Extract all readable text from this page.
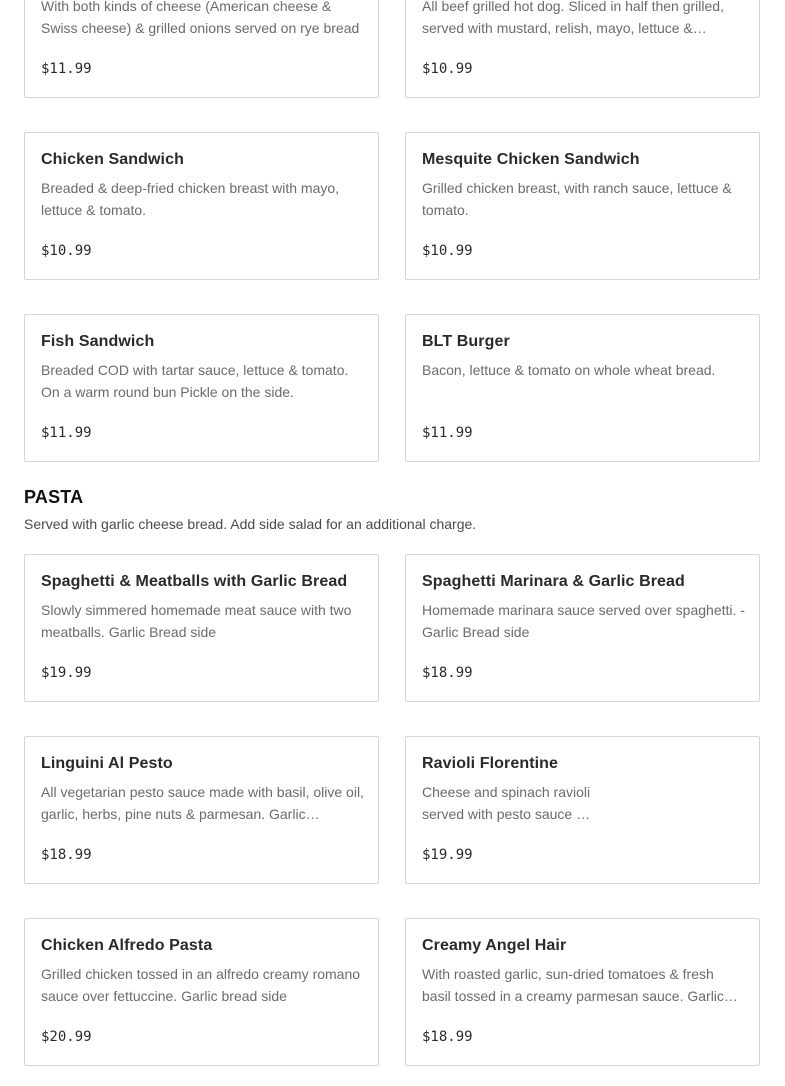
With both kinds of cheese (American cheese & Swiss cheese) & grilled onions served on rye bread
$11.99
All beef grilled hot dog. Sliced in half then grilled, served with mustard, relish, mayo, lettuce &…
$10.99
Chicken Sandwich
Breaded & deep-fried chicken breast with mayo, lettuce & tomato.
$10.99
Mesquite Chicken Sandwich
Grilled chicken breast, with ranch sauce, lettuce & tomato.
$10.99
Fish Sandwich
Breaded COD with tartar sauce, lettuce & tomato. On a warm round bun Pickle on the side.
$11.99
BLT Burger
Bacon, lettuce & tomato on whole wheat bread.
$11.99
PASTA
Served with garlic cheese bread. Add side salad for an additional charge.
Spaghetti & Meatballs with Garlic Bread
Slowly simmered homemade meat sauce with two meatballs. Garlic Bread side
$19.99
Spaghetti Marinara & Garlic Bread
Homemade marinara sauce served over spaghetti. - Garlic Bread side
$18.99
Linguini Al Pesto
All vegetarian pesto sauce made with basil, olive oil, garlic, herbs, pine nuts & parmesan. Garlic…
$18.99
Ravioli Florentine
Cheese and spinach ravioli
served with pesto sauce …
$19.99
Chicken Alfredo Pasta
Grilled chicken tossed in an alfredo creamy romano sauce over fettuccine. Garlic bread side
$20.99
Creamy Angel Hair
With roasted garlic, sun-dried tomatoes & fresh basil tossed in a creamy parmesan sauce. Garlic…
$18.99
